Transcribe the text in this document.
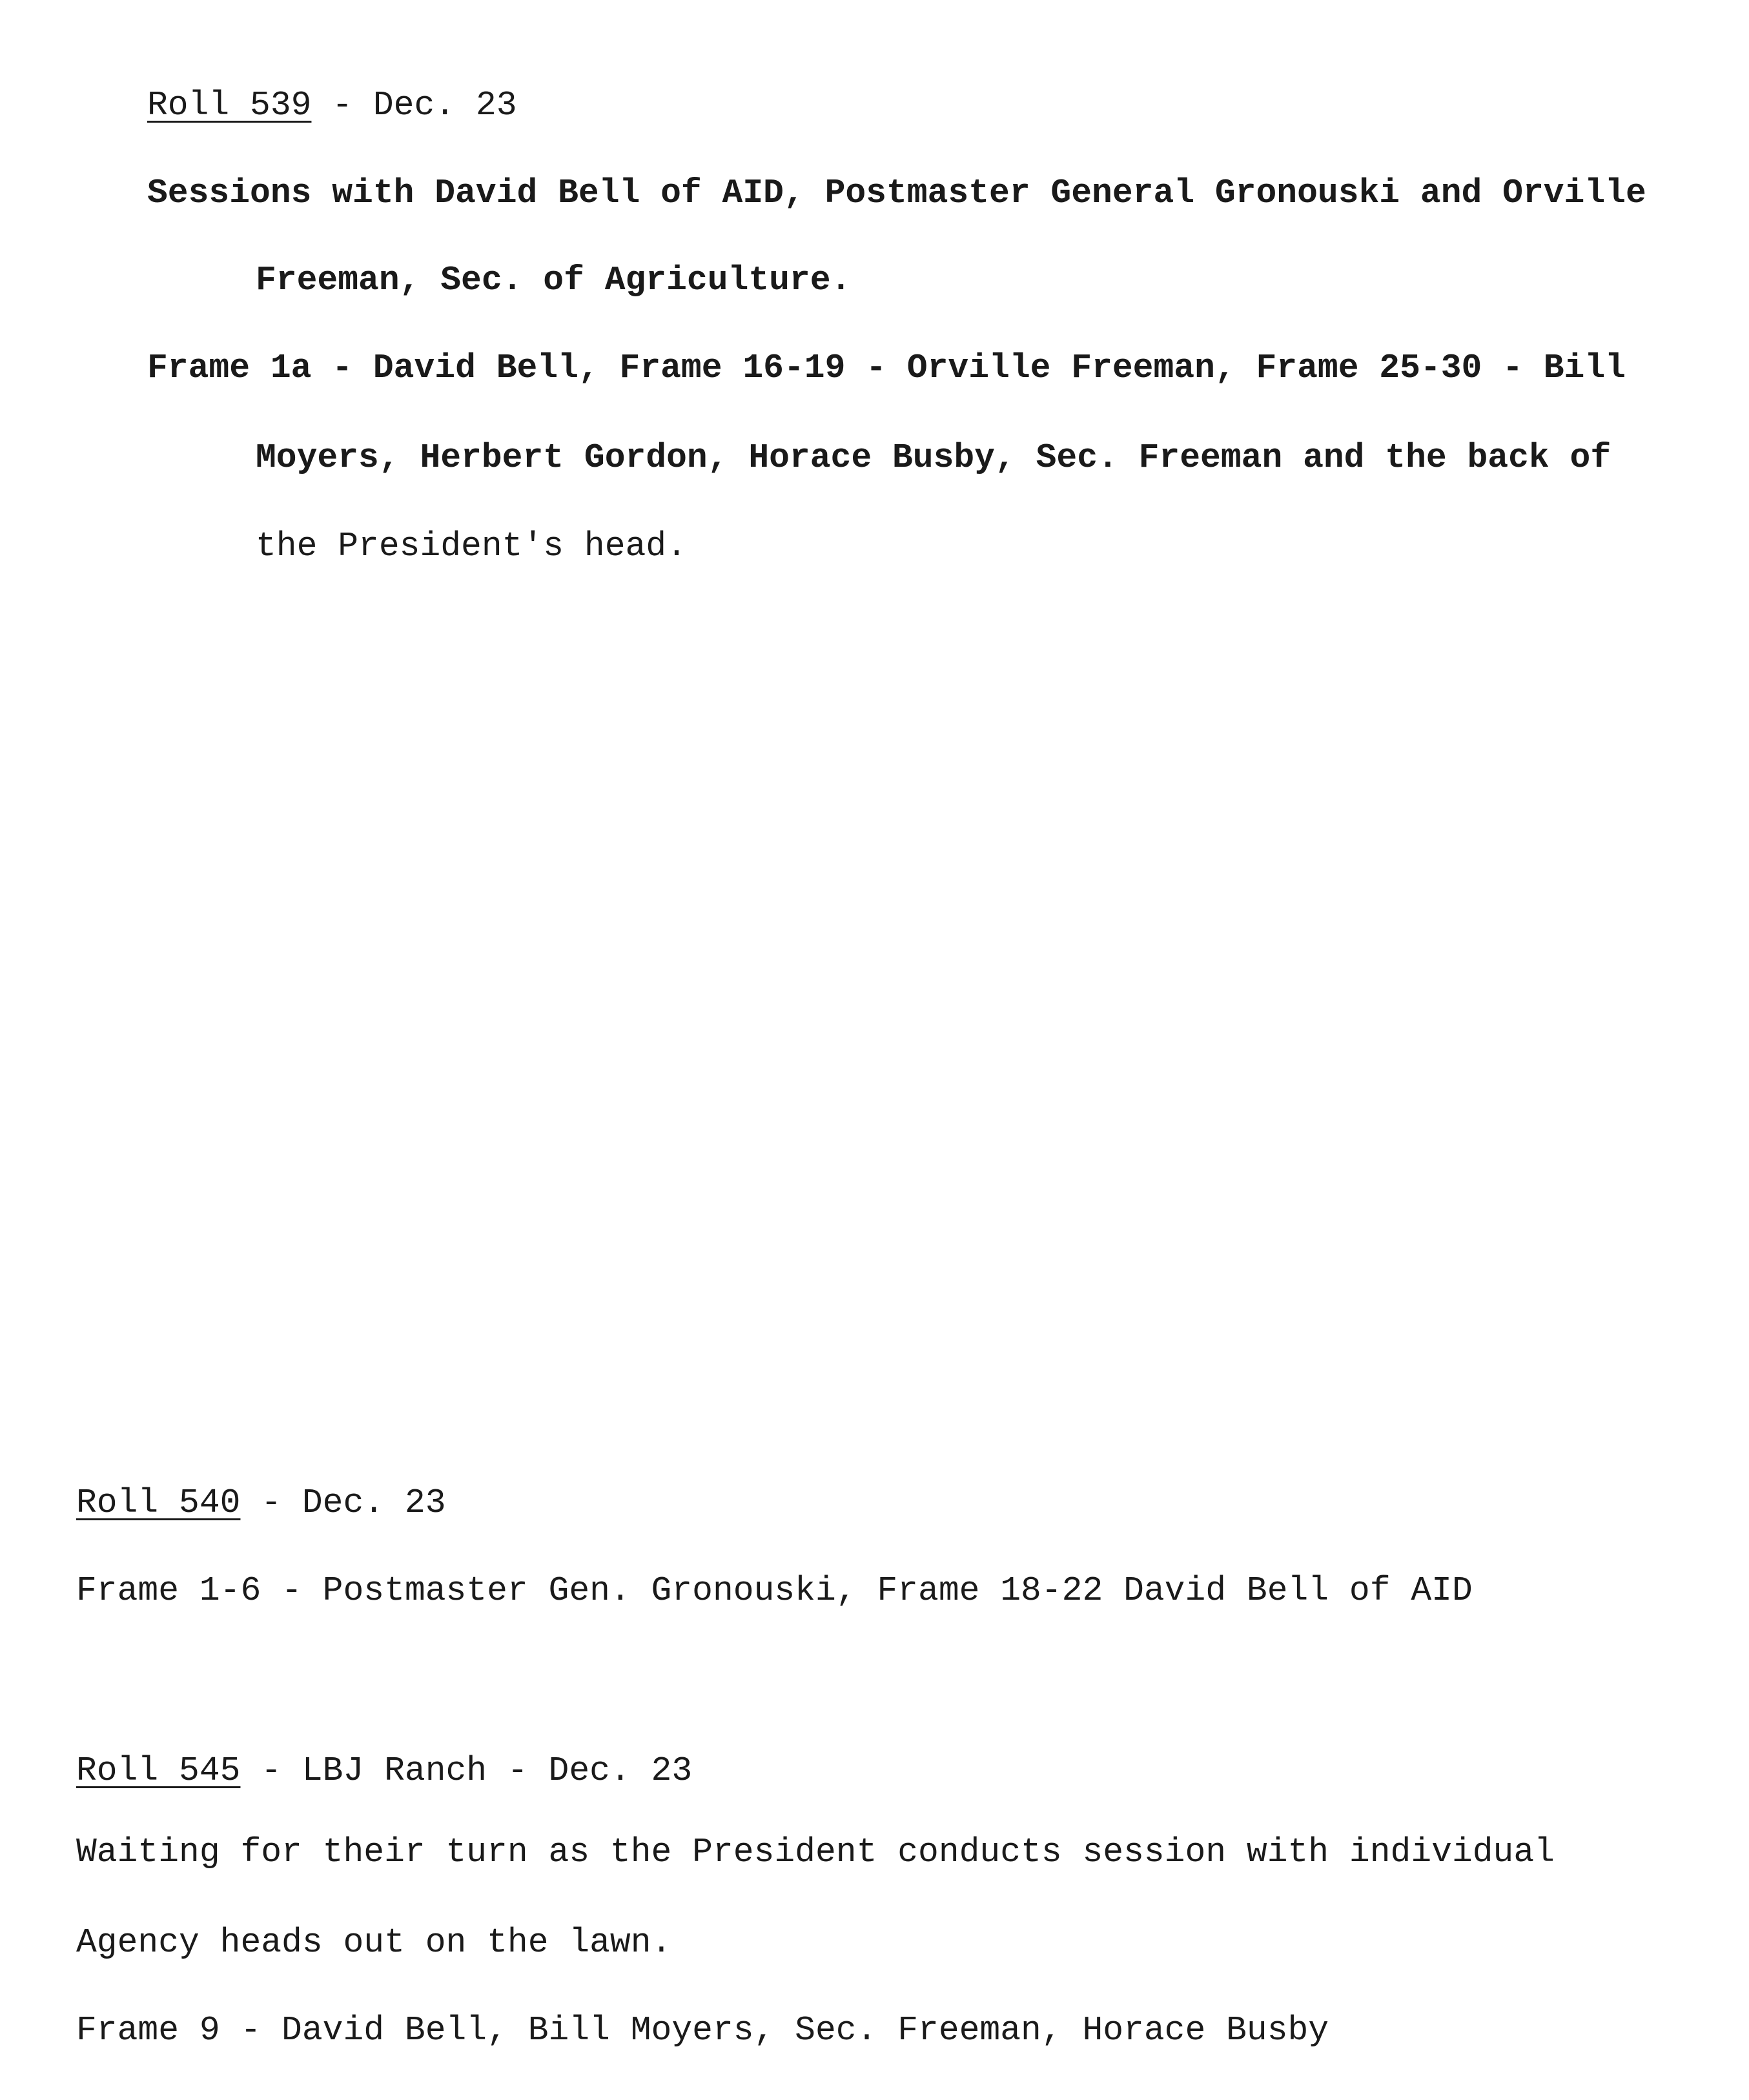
Roll 539 - Dec. 23
Sessions with David Bell of AID, Postmaster General Gronouski and Orville
Freeman, Sec. of Agriculture.
Frame 1a - David Bell, Frame 16-19 - Orville Freeman, Frame 25-30 - Bill
Moyers, Herbert Gordon, Horace Busby, Sec. Freeman and the back of
the President's head.
Roll 540 - Dec. 23
Frame 1-6 - Postmaster Gen. Gronouski, Frame 18-22 David Bell of AID
Roll 545 - LBJ Ranch - Dec. 23
Waiting for their turn as the President conducts session with individual
Agency heads out on the lawn.
Frame 9 - David Bell, Bill Moyers, Sec. Freeman, Horace Busby
